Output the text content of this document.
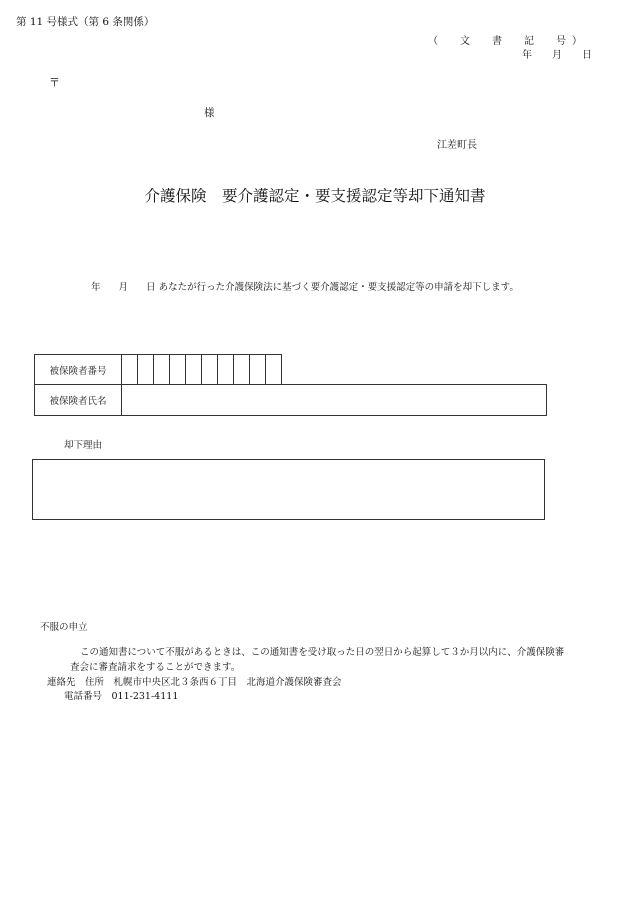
第 11 号様式（第 6 条関係）
（　文　書　記　号）
年　　月　　日
〒
様
江差町長
介護保険　要介護認定・要支援認定等却下通知書
年 月 日 あなたが行った介護保険法に基づく要介護認定・要支援認定等の申請を却下します。
被保険者番号
被保険者氏名
却下理由
不服の申立
この通知書について不服があるときは、この通知書を受け取った日の翌日から起算して３か月以内に、介護保険審査会に審査請求をすることができます。
連絡先　住所　札幌市中央区北３条西６丁目　北海道介護保険審査会
電話番号　011-231-4111
